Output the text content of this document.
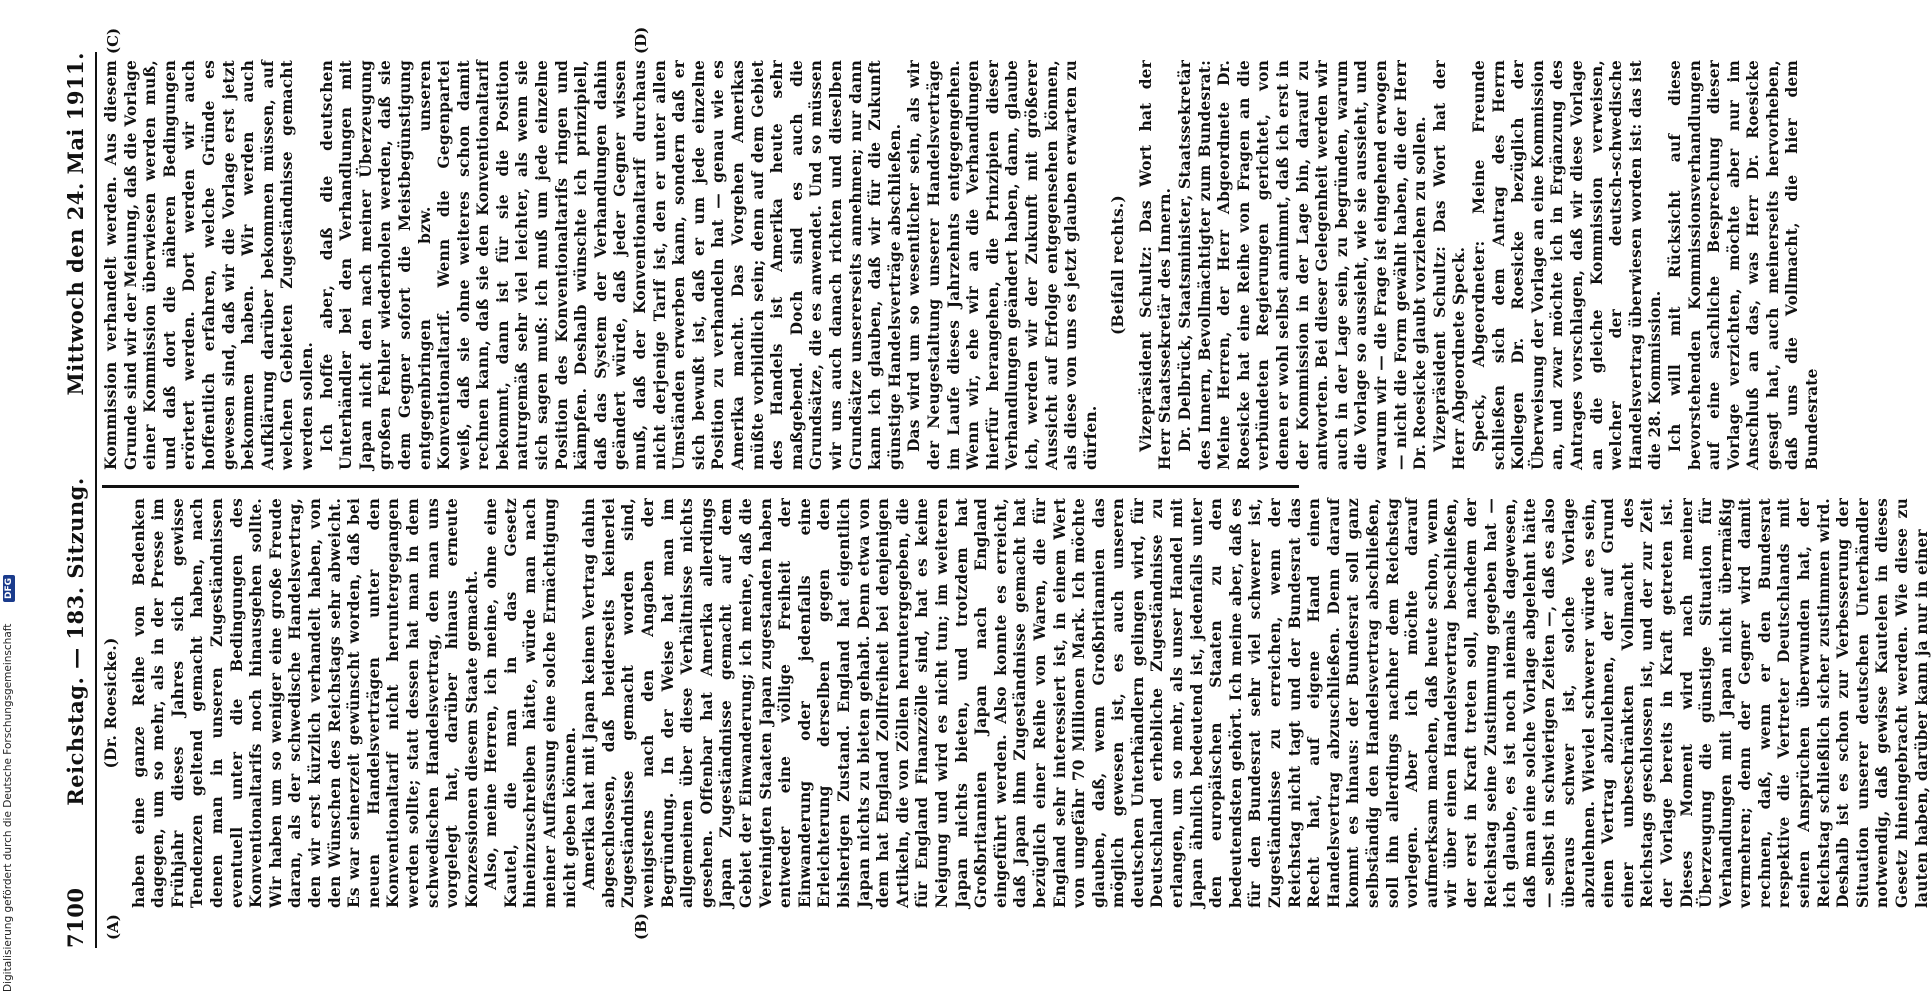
7100
Reichstag. — 183. Sitzung.
Mittwoch den 24. Mai 1911.
(A)	(B)
(C)	(D)

(Dr. Roesicke.) haben eine ganze Reihe von Bedenken dagegen, um so mehr, als in der Presse im Frühjahr dieses Jahres sich gewisse Tendenzen geltend gemacht haben, nach denen man in unseren Zugeständnissen eventuell unter die Bedingungen des Konventionaltarifs noch hinausgehen sollte. Wir haben um so weniger eine große Freude daran, als der schwedische Handelsvertrag, den wir erst kürzlich verhandelt haben, von den Wünschen des Reichstags sehr abweicht. Es war seinerzeit gewünscht worden, daß bei neuen Handelsverträgen unter den Konventionaltarif nicht heruntergegangen werden sollte; statt dessen hat man in dem schwedischen Handelsvertrag, den man uns vorgelegt hat, darüber hinaus erneute Konzessionen diesem Staate gemacht. Also, meine Herren, ich meine, ohne eine Kautel, die man in das Gesetz hineinzuschreiben hätte, würde man nach meiner Auffassung eine solche Ermächtigung nicht geben können. Amerika hat mit Japan keinen Vertrag dahin abgeschlossen, daß beiderseits keinerlei Zugeständnisse gemacht worden sind, wenigstens nach den Angaben der Begründung. In der Weise hat man im allgemeinen über diese Verhältnisse nichts gesehen. Offenbar hat Amerika allerdings Japan Zugeständnisse gemacht auf dem Gebiet der Einwanderung; ich meine, daß die Vereinigten Staaten Japan zugestanden haben entweder eine völlige Freiheit der Einwanderung oder jedenfalls eine Erleichterung derselben gegen den bisherigen Zustand. England hat eigentlich Japan nichts zu bieten gehabt. Denn etwa von dem hat England Zollfreiheit bei denjenigen Artikeln, die von Zöllen heruntergegeben, die für England Finanzzölle sind, hat es keine Neigung und wird es nicht tun; im weiteren Japan nichts bieten, und trotzdem hat Großbritannien Japan nach England eingeführt werden. Also konnte es erreicht, daß Japan ihm Zugeständnisse gemacht hat bezüglich einer Reihe von Waren, die für England sehr interessiert ist, in einem Wert von ungefähr 70 Millionen Mark. Ich möchte glauben, daß, wenn Großbritannien das möglich gewesen ist, es auch unseren deutschen Unterhändlern gelingen wird, für Deutschland erhebliche Zugeständnisse zu erlangen, um so mehr, als unser Handel mit Japan ähnlich bedeutend ist, jedenfalls unter den europäischen Staaten zu den bedeutendsten gehört. Ich meine aber, daß es für den Bundesrat sehr viel schwerer ist, Zugeständnisse zu erreichen, wenn der Reichstag nicht tagt und der Bundesrat das Recht hat, auf eigene Hand einen Handelsvertrag abzuschließen. Denn darauf kommt es hinaus: der Bundesrat soll ganz selbständig den Handelsvertrag abschließen, soll ihn allerdings nachher dem Reichstag vorlegen. Aber ich möchte darauf aufmerksam machen, daß heute schon, wenn wir über einen Handelsvertrag beschließen, der erst in Kraft treten soll, nachdem der Reichstag seine Zustimmung gegeben hat — ich glaube, es ist noch niemals dagewesen, daß man eine solche Vorlage abgelehnt hätte — selbst in schwierigen Zeiten —, daß es also überaus schwer ist, solche Vorlage abzulehnen. Wieviel schwerer würde es sein, einen Vertrag abzulehnen, der auf Grund einer unbeschränkten Vollmacht des Reichstags geschlossen ist, und der zur Zeit der Vorlage bereits in Kraft getreten ist. Dieses Moment wird nach meiner Überzeugung die günstige Situation für Verhandlungen mit Japan nicht übermäßig vermehren; denn der Gegner wird damit rechnen, daß, wenn er den Bundesrat respektive die Vertreter Deutschlands mit seinen Ansprüchen überwunden hat, der Reichstag schließlich sicher zustimmen wird. Deshalb ist es schon zur Verbesserung der Situation unserer deutschen Unterhändler notwendig, daß gewisse Kautelen in dieses Gesetz hineingebracht werden. Wie diese zu lauten haben, darüber kann ja nur in einer

Kommission verhandelt werden. Aus diesem Grunde sind wir der Meinung, daß die Vorlage einer Kommission überwiesen werden muß, und daß dort die näheren Bedingungen erörtert werden. Dort werden wir auch hoffentlich erfahren, welche Gründe es gewesen sind, daß wir die Vorlage erst jetzt bekommen haben. Wir werden auch Aufklärung darüber bekommen müssen, auf welchen Gebieten Zugeständnisse gemacht werden sollen. Ich hoffe aber, daß die deutschen Unterhändler bei den Verhandlungen mit Japan nicht den nach meiner Überzeugung großen Fehler wiederholen werden, daß sie dem Gegner sofort die Meistbegünstigung entgegenbringen bzw. unseren Konventionaltarif. Wenn die Gegenpartei weiß, daß sie ohne weiteres schon damit rechnen kann, daß sie den Konventionaltarif bekommt, dann ist für sie die Position naturgemäß sehr viel leichter, als wenn sie sich sagen muß: ich muß um jede einzelne Position des Konventionaltarifs ringen und kämpfen. Deshalb wünschte ich prinzipiell, daß das System der Verhandlungen dahin geändert würde, daß jeder Gegner wissen muß, daß der Konventionaltarif durchaus nicht derjenige Tarif ist, den er unter allen Umständen erwerben kann, sondern daß er sich bewußt ist, daß er um jede einzelne Position zu verhandeln hat — genau wie es Amerika macht. Das Vorgehen Amerikas müßte vorbildlich sein; denn auf dem Gebiet des Handels ist Amerika heute sehr maßgebend. Doch sind es auch die Grundsätze, die es anwendet. Und so müssen wir uns auch danach richten und dieselben Grundsätze unsererseits annehmen; nur dann kann ich glauben, daß wir für die Zukunft günstige Handelsverträge abschließen. Das wird um so wesentlicher sein, als wir der Neugestaltung unserer Handelsverträge im Laufe dieses Jahrzehnts entgegengehen. Wenn wir, ehe wir an die Verhandlungen hierfür herangehen, die Prinzipien dieser Verhandlungen geändert haben, dann, glaube ich, werden wir der Zukunft mit größerer Aussicht auf Erfolge entgegensehen können, als diese von uns es jetzt glauben erwarten zu dürfen.

(Beifall rechts.) Vizepräsident Schultz: Das Wort hat der Herr Staatssekretär des Innern. Dr. Delbrück, Staatsminister, Staatssekretär des Innern, Bevollmächtigter zum Bundesrat: Meine Herren, der Herr Abgeordnete Dr. Roesicke hat eine Reihe von Fragen an die verbündeten Regierungen gerichtet, von denen er wohl selbst annimmt, daß ich erst in der Kommission in der Lage bin, darauf zu antworten. Bei dieser Gelegenheit werden wir auch in der Lage sein, zu begründen, warum die Vorlage so aussieht, wie sie aussieht, und warum wir — die Frage ist eingehend erwogen — nicht die Form gewählt haben, die der Herr Dr. Roesicke glaubt vorziehen zu sollen. Vizepräsident Schultz: Das Wort hat der Herr Abgeordnete Speck. Speck, Abgeordneter: Meine Freunde schließen sich dem Antrag des Herrn Kollegen Dr. Roesicke bezüglich der Überweisung der Vorlage an eine Kommission an, und zwar möchte ich in Ergänzung des Antrages vorschlagen, daß wir diese Vorlage an die gleiche Kommission verweisen, welcher der deutsch-schwedische Handelsvertrag überwiesen worden ist: das ist die 28. Kommission. Ich will mit Rücksicht auf diese bevorstehenden Kommissionsverhandlungen auf eine sachliche Besprechung dieser Vorlage verzichten, möchte aber nur im Anschluß an das, was Herr Dr. Roesicke gesagt hat, auch meinerseits hervorheben, daß uns die Vollmacht, die hier dem Bundesrate

Digitalisierung gefördert durch die Deutsche Forschungsgemeinschaft
DFG
